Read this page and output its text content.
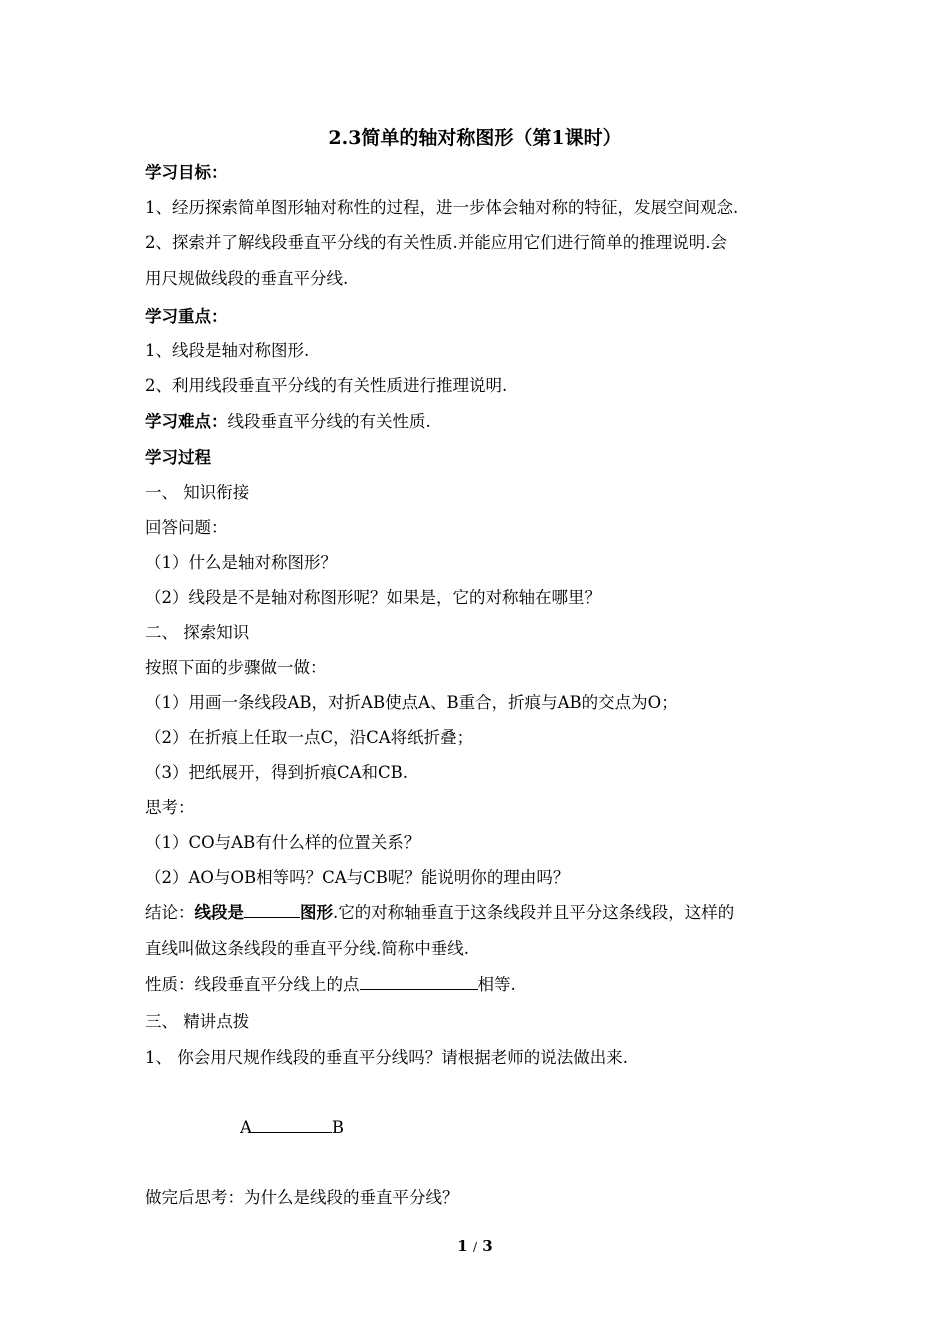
2.3简单的轴对称图形（第1课时）
学习目标：
1、经历探索简单图形轴对称性的过程，进一步体会轴对称的特征，发展空间观念.
2、探索并了解线段垂直平分线的有关性质.并能应用它们进行简单的推理说明.会
用尺规做线段的垂直平分线.
学习重点：
1、线段是轴对称图形.
2、利用线段垂直平分线的有关性质进行推理说明.
学习难点：线段垂直平分线的有关性质.
学习过程
一、 知识衔接
回答问题：
（1）什么是轴对称图形？
（2）线段是不是轴对称图形呢？如果是，它的对称轴在哪里？
二、 探索知识
按照下面的步骤做一做：
（1）用画一条线段AB，对折AB使点A、B重合，折痕与AB的交点为O；
（2）在折痕上任取一点C，沿CA将纸折叠；
（3）把纸展开，得到折痕CA和CB.
思考：
（1）CO与AB有什么样的位置关系？
（2）AO与OB相等吗？CA与CB呢？能说明你的理由吗？
结论：线段是	图形.它的对称轴垂直于这条线段并且平分这条线段，这样的
直线叫做这条线段的垂直平分线.简称中垂线.
性质：线段垂直平分线上的点	相等.
三、 精讲点拨
1、 你会用尺规作线段的垂直平分线吗？请根据老师的说法做出来.
A	B
做完后思考：为什么是线段的垂直平分线？
1 / 3
